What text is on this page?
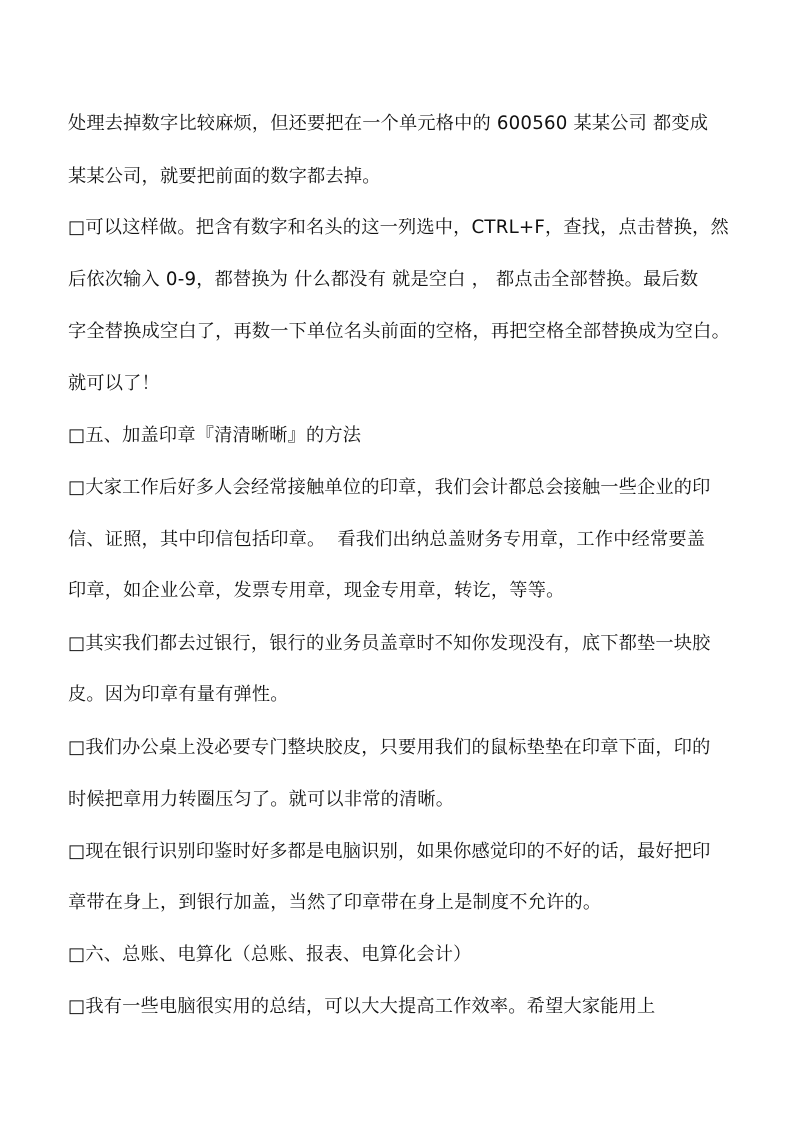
处理去掉数字比较麻烦，但还要把在一个单元格中的 600560 某某公司 都变成
某某公司，就要把前面的数字都去掉。
□可以这样做。把含有数字和名头的这一列选中，CTRL+F，查找，点击替换，然
后依次输入 0-9，都替换为 什么都没有 就是空白 ， 都点击全部替换。最后数
字全替换成空白了，再数一下单位名头前面的空格，再把空格全部替换成为空白。
就可以了！
□五、加盖印章『清清晰晰』的方法
□大家工作后好多人会经常接触单位的印章，我们会计都总会接触一些企业的印
信、证照，其中印信包括印章。  看我们出纳总盖财务专用章，工作中经常要盖
印章，如企业公章，发票专用章，现金专用章，转讫，等等。
□其实我们都去过银行，银行的业务员盖章时不知你发现没有，底下都垫一块胶
皮。因为印章有量有弹性。
□我们办公桌上没必要专门整块胶皮，只要用我们的鼠标垫垫在印章下面，印的
时候把章用力转圈压匀了。就可以非常的清晰。
□现在银行识别印鉴时好多都是电脑识别，如果你感觉印的不好的话，最好把印
章带在身上，到银行加盖，当然了印章带在身上是制度不允许的。
□六、总账、电算化（总账、报表、电算化会计）
□我有一些电脑很实用的总结，可以大大提高工作效率。希望大家能用上
